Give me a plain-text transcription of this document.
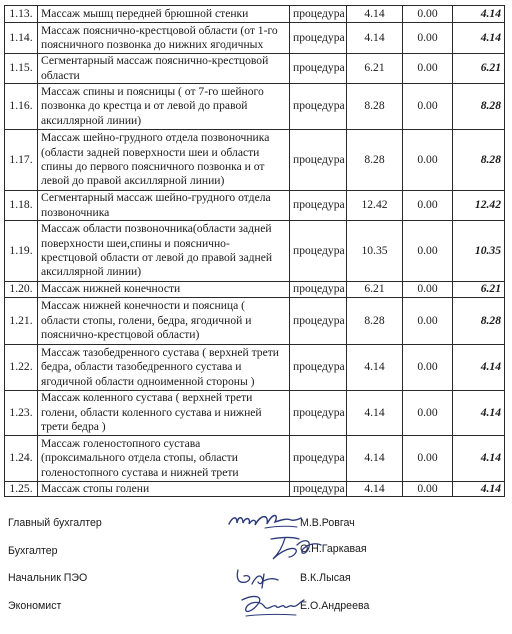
1.13.	Массаж мышц передней брюшной стенки	процедура	4.14	0.00	4.14
1.14.	Массаж пояснично-крестцовой области (от 1-го поясничного позвонка до нижних ягодичных	процедура	4.14	0.00	4.14
1.15.	Сегментарный массаж пояснично-крестцовой области	процедура	6.21	0.00	6.21
1.16.	Массаж спины и поясницы ( от 7-го шейного позвонка до крестца и от левой до правой аксиллярной линии)	процедура	8.28	0.00	8.28
1.17.	Массаж шейно-грудного отдела позвоночника (области задней поверхности шеи и области спины до первого поясничного позвонка и от левой до правой аксиллярной линии)	процедура	8.28	0.00	8.28
1.18.	Сегментарный массаж шейно-грудного отдела позвоночника	процедура	12.42	0.00	12.42
1.19.	Массаж области позвоночника(области задней поверхности шеи,спины и пояснично-крестцовой области от левой до правой задней аксиллярной линии)	процедура	10.35	0.00	10.35
1.20.	Массаж нижней конечности	процедура	6.21	0.00	6.21
1.21.	Массаж нижней конечности и поясница ( области стопы, голени, бедра, ягодичной и пояснично-крестцовой области)	процедура	8.28	0.00	8.28
1.22.	Массаж тазобедренного сустава ( верхней трети бедра, области тазобедренного сустава и ягодичной области одноименной стороны )	процедура	4.14	0.00	4.14
1.23.	Массаж коленного сустава ( верхней трети голени, области коленного сустава и нижней трети бедра )	процедура	4.14	0.00	4.14
1.24.	Массаж голеностопного сустава (проксимального отдела стопы, области голеностопного сустава и нижней трети	процедура	4.14	0.00	4.14
1.25.	Массаж стопы голени	процедура	4.14	0.00	4.14
Главный бухгалтер	М.В.Ровгач
Бухгалтер	О.Н.Гаркавая
Начальник ПЭО	В.К.Лысая
Экономист	Е.О.Андреева
